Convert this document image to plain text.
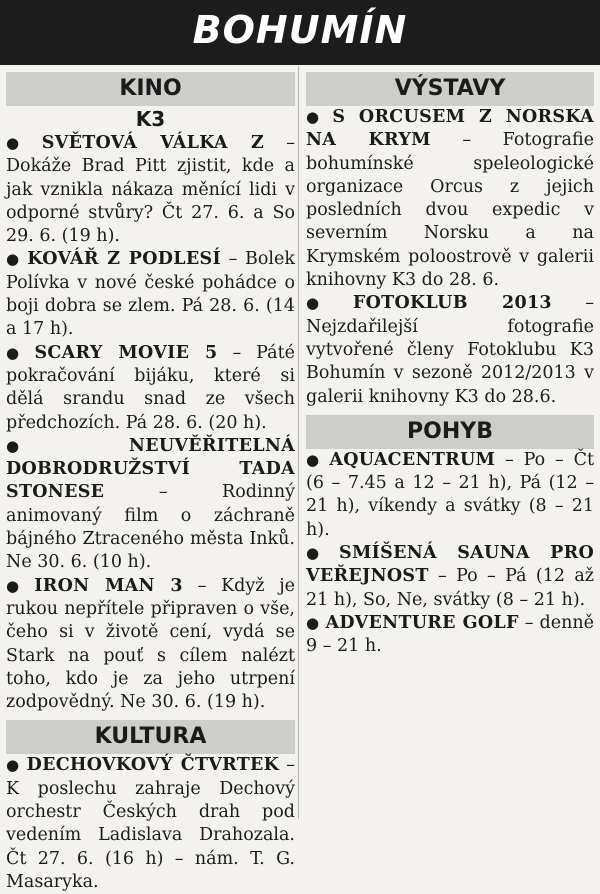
BOHUMÍN
KINO
K3

● SVĚTOVÁ VÁLKA Z – Dokáže Brad Pitt zjistit, kde a jak vznikla nákaza měnící lidi v odporné stvůry? Čt 27. 6. a So 29. 6. (19 h).

● KOVÁŘ Z PODLESÍ – Bolek Polívka v nové české pohádce o boji dobra se zlem. Pá 28. 6. (14 a 17 h).

● SCARY MOVIE 5 – Páté pokračování bijáku, které si dělá srandu snad ze všech předchozích. Pá 28. 6. (20 h).

● NEUVĚŘITELNÁ DOBRODRUŽSTVÍ TADA STONESE – Rodinný animovaný film o záchraně bájného Ztraceného města Inků. Ne 30. 6. (10 h).

● IRON MAN 3 – Když je rukou nepřítele připraven o vše, čeho si v životě cení, vydá se Stark na pouť s cílem nalézt toho, kdo je za jeho utrpení zodpovědný. Ne 30. 6. (19 h).

KULTURA

● DECHOVKOVÝ ČTVRTEK – K poslechu zahraje Dechový orchestr Českých drah pod vedením Ladislava Drahozala. Čt 27. 6. (16 h) – nám. T. G. Masaryka.

VÝSTAVY

● S ORCUSEM Z NORSKA NA KRYM – Fotografie bohumínské speleologické organizace Orcus z jejich posledních dvou expedic v severním Norsku a na Krymském poloostrově v galerii knihovny K3 do 28. 6.

● FOTOKLUB 2013 – Nejzdařilejší fotografie vytvořené členy Fotoklubu K3 Bohumín v sezoně 2012/2013 v galerii knihovny K3 do 28.6.

POHYB

● AQUACENTRUM – Po – Čt (6 – 7.45 a 12 – 21 h), Pá (12 – 21 h), víkendy a svátky (8 – 21 h).

● SMÍŠENÁ SAUNA PRO VEŘEJNOST – Po – Pá (12 až 21 h), So, Ne, svátky (8 – 21 h).

● ADVENTURE GOLF – denně 9 – 21 h.
